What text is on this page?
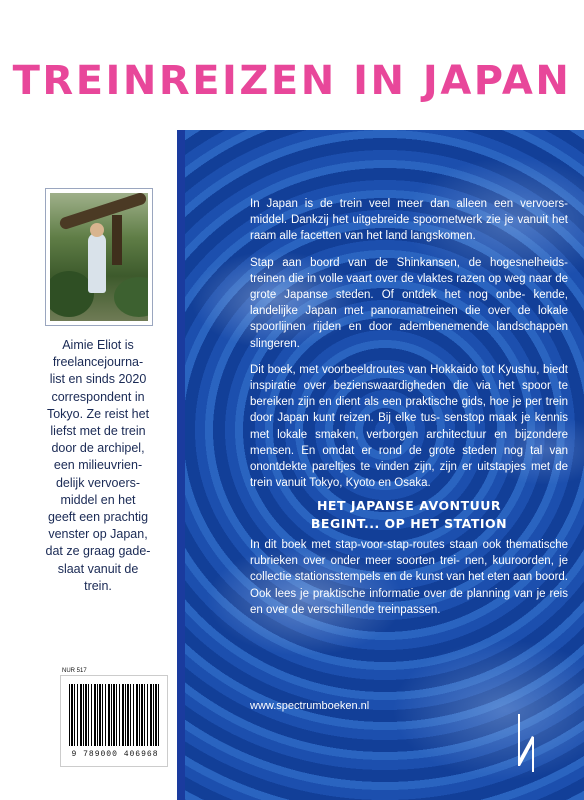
TREINREIZEN IN JAPAN

Aimie Eliot is

freelancejourna-

list en sinds 2020

correspondent in

Tokyo. Ze reist het

liefst met de trein

door de archipel,

een milieuvrien-

delijk vervoers-

middel en het

geeft een prachtig

venster op Japan,

dat ze graag gade-

slaat vanuit de

trein.

NUR 517
9 789000 406968

In Japan is de trein veel meer dan alleen een vervoers- middel. Dankzij het uitgebreide spoornetwerk zie je vanuit het raam alle facetten van het land langskomen.

Stap aan boord van de Shinkansen, de hogesnelheids- treinen die in volle vaart over de vlaktes razen op weg naar de grote Japanse steden. Of ontdek het nog onbe- kende, landelijke Japan met panoramatreinen die over de lokale spoorlijnen rijden en door adembenemende landschappen slingeren.

Dit boek, met voorbeeldroutes van Hokkaido tot Kyushu, biedt inspiratie over bezienswaardigheden die via het spoor te bereiken zijn en dient als een praktische gids, hoe je per trein door Japan kunt reizen. Bij elke tus- senstop maak je kennis met lokale smaken, verborgen architectuur en bijzondere mensen. En omdat er rond de grote steden nog tal van onontdekte pareltjes te vinden zijn, zijn er uitstapjes met de trein vanuit Tokyo, Kyoto en Osaka.

HET JAPANSE AVONTUUR
BEGINT... OP HET STATION
In dit boek met stap-voor-stap-routes staan ook thematische rubrieken over onder meer soorten trei- nen, kuuroorden, je collectie stationsstempels en de kunst van het eten aan boord. Ook lees je praktische informatie over de planning van je reis en over de verschillende treinpassen.
www.spectrumboeken.nl
